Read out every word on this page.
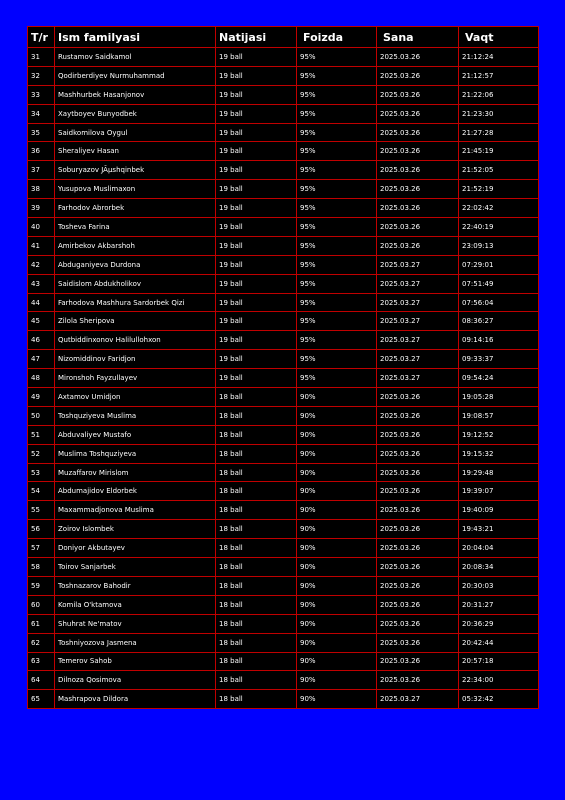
T/r	Ism familyasi	Natijasi	Foizda	Sana	Vaqt
31	Rustamov Saidkamol	19 ball	95%	2025.03.26	21:12:24
32	Qodirberdiyev Nurmuhammad	19 ball	95%	2025.03.26	21:12:57
33	Mashhurbek Hasanjonov	19 ball	95%	2025.03.26	21:22:06
34	Xaytboyev Bunyodbek	19 ball	95%	2025.03.26	21:23:30
35	Saidkomilova Oygul	19 ball	95%	2025.03.26	21:27:28
36	Sheraliyev Hasan	19 ball	95%	2025.03.26	21:45:19
37	Soburyazov JÃµshqinbek	19 ball	95%	2025.03.26	21:52:05
38	Yusupova Muslimaxon	19 ball	95%	2025.03.26	21:52:19
39	Farhodov Abrorbek	19 ball	95%	2025.03.26	22:02:42
40	Tosheva Farina	19 ball	95%	2025.03.26	22:40:19
41	Amirbekov Akbarshoh	19 ball	95%	2025.03.26	23:09:13
42	Abduganiyeva Durdona	19 ball	95%	2025.03.27	07:29:01
43	Saidislom Abdukholikov	19 ball	95%	2025.03.27	07:51:49
44	Farhodova Mashhura Sardorbek Qizi	19 ball	95%	2025.03.27	07:56:04
45	Zilola Sheripova	19 ball	95%	2025.03.27	08:36:27
46	Qutbiddinxonov Halilullohxon	19 ball	95%	2025.03.27	09:14:16
47	Nizomiddinov Faridjon	19 ball	95%	2025.03.27	09:33:37
48	Mironshoh Fayzullayev	19 ball	95%	2025.03.27	09:54:24
49	Axtamov Umidjon	18 ball	90%	2025.03.26	19:05:28
50	Toshquziyeva Muslima	18 ball	90%	2025.03.26	19:08:57
51	Abduvaliyev Mustafo	18 ball	90%	2025.03.26	19:12:52
52	Muslima Toshquziyeva	18 ball	90%	2025.03.26	19:15:32
53	Muzaffarov Mirislom	18 ball	90%	2025.03.26	19:29:48
54	Abdumajidov Eldorbek	18 ball	90%	2025.03.26	19:39:07
55	Maxammadjonova Muslima	18 ball	90%	2025.03.26	19:40:09
56	Zoirov Islombek	18 ball	90%	2025.03.26	19:43:21
57	Doniyor Akbutayev	18 ball	90%	2025.03.26	20:04:04
58	Toirov Sanjarbek	18 ball	90%	2025.03.26	20:08:34
59	Toshnazarov Bahodir	18 ball	90%	2025.03.26	20:30:03
60	Komila O'ktamova	18 ball	90%	2025.03.26	20:31:27
61	Shuhrat Ne'matov	18 ball	90%	2025.03.26	20:36:29
62	Toshniyozova Jasmena	18 ball	90%	2025.03.26	20:42:44
63	Temerov Sahob	18 ball	90%	2025.03.26	20:57:18
64	Dilnoza Qosimova	18 ball	90%	2025.03.26	22:34:00
65	Mashrapova Dildora	18 ball	90%	2025.03.27	05:32:42
